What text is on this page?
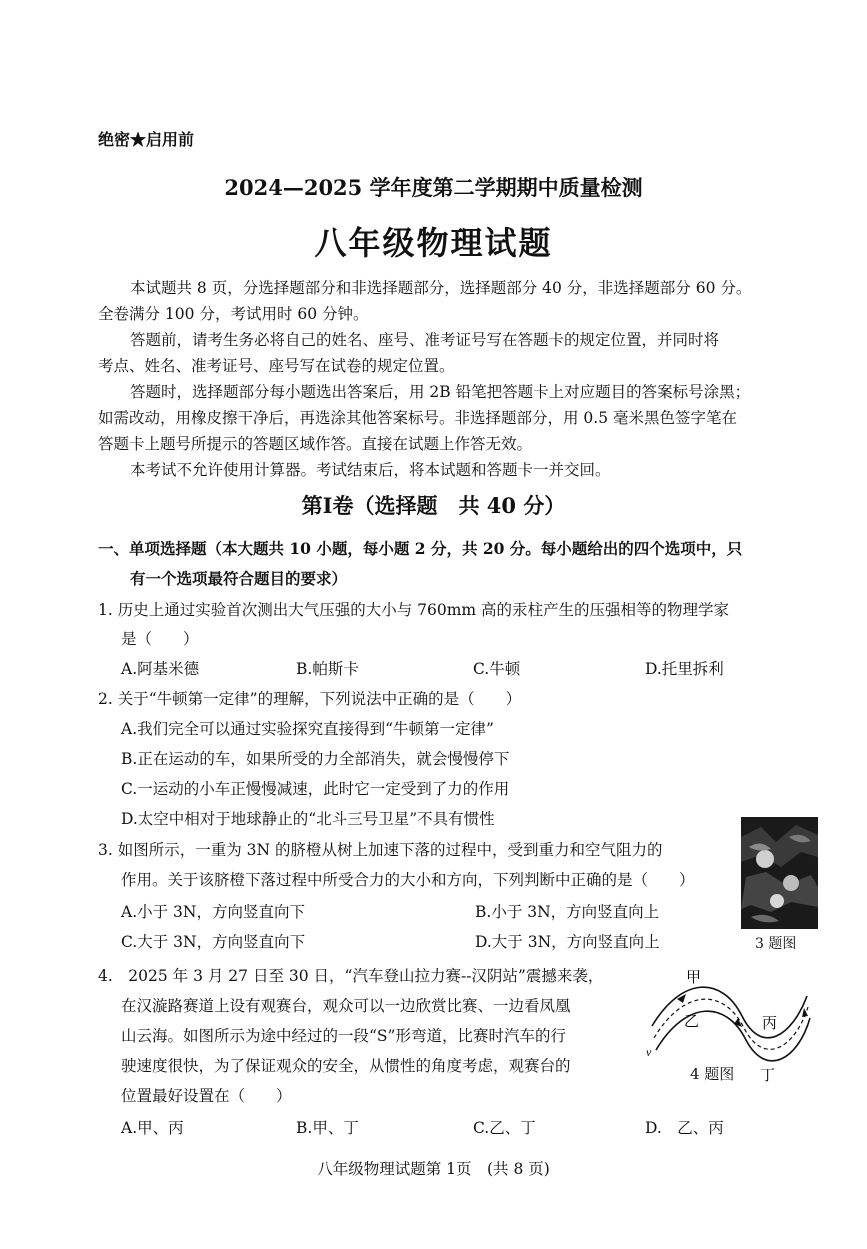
绝密★启用前
2024—2025 学年度第二学期期中质量检测
八年级物理试题
本试题共 8 页，分选择题部分和非选择题部分，选择题部分 40 分，非选择题部分 60 分。
全卷满分 100 分，考试用时 60 分钟。
答题前，请考生务必将自己的姓名、座号、准考证号写在答题卡的规定位置，并同时将
考点、姓名、准考证号、座号写在试卷的规定位置。
答题时，选择题部分每小题选出答案后，用 2B 铅笔把答题卡上对应题目的答案标号涂黑；
如需改动，用橡皮擦干净后，再选涂其他答案标号。非选择题部分，用 0.5 毫米黑色签字笔在
答题卡上题号所提示的答题区域作答。直接在试题上作答无效。
本考试不允许使用计算器。考试结束后，将本试题和答题卡一并交回。
第Ⅰ卷（选择题　共 40 分）
一、单项选择题（本大题共 10 小题，每小题 2 分，共 20 分。每小题给出的四个选项中，只
有一个选项最符合题目的要求）
1. 历史上通过实验首次测出大气压强的大小与 760mm 高的汞柱产生的压强相等的物理学家
是（　　）
A.阿基米德	B.帕斯卡	C.牛顿	D.托里拆利
2. 关于“牛顿第一定律”的理解，下列说法中正确的是（　　）
A.我们完全可以通过实验探究直接得到“牛顿第一定律”
B.正在运动的车，如果所受的力全部消失，就会慢慢停下
C.一运动的小车正慢慢减速，此时它一定受到了力的作用
D.太空中相对于地球静止的“北斗三号卫星”不具有惯性
3. 如图所示，一重为 3N 的脐橙从树上加速下落的过程中，受到重力和空气阻力的
作用。关于该脐橙下落过程中所受合力的大小和方向，下列判断中正确的是（　　）
A.小于 3N，方向竖直向下	B.小于 3N，方向竖直向上
C.大于 3N，方向竖直向下	D.大于 3N，方向竖直向上	3 题图
4.　2025 年 3 月 27 日至 30 日，“汽车登山拉力赛--汉阴站”震撼来袭，
在汉漩路赛道上设有观赛台，观众可以一边欣赏比赛、一边看凤凰
山云海。如图所示为途中经过的一段“S”形弯道，比赛时汽车的行
驶速度很快，为了保证观众的安全，从惯性的角度考虑，观赛台的
位置最好设置在（　　）
A.甲、丙	B.甲、丁	C.乙、丁	D.　乙、丙
甲
乙	丙
丁
v
4 题图
八年级物理试题第 1页　(共 8 页)
